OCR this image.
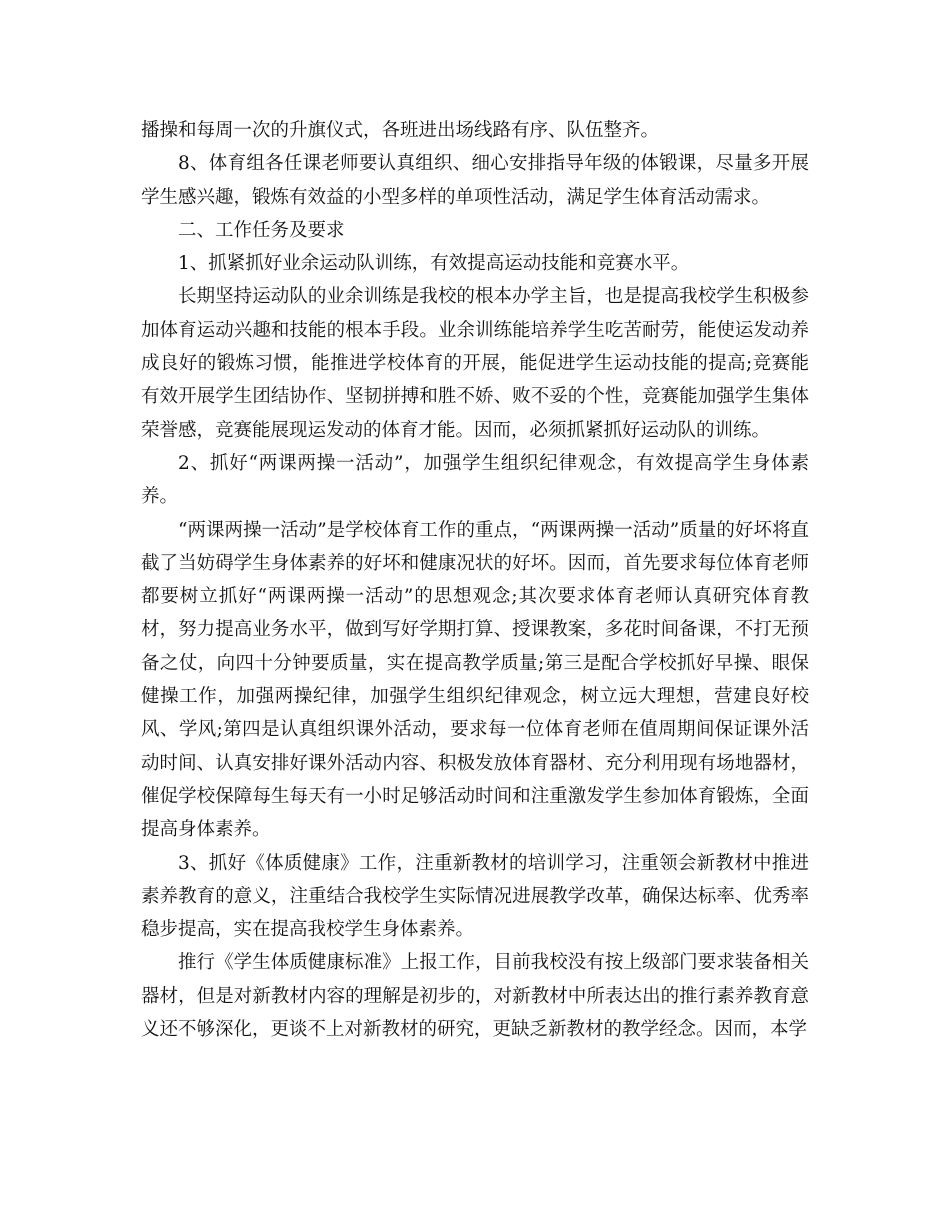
播操和每周一次的升旗仪式，各班进出场线路有序、队伍整齐。

8、体育组各任课老师要认真组织、细心安排指导年级的体锻课，尽量多开展学生感兴趣，锻炼有效益的小型多样的单项性活动，满足学生体育活动需求。

二、工作任务及要求

1、抓紧抓好业余运动队训练，有效提高运动技能和竞赛水平。

长期坚持运动队的业余训练是我校的根本办学主旨，也是提高我校学生积极参加体育运动兴趣和技能的根本手段。业余训练能培养学生吃苦耐劳，能使运发动养成良好的锻炼习惯，能推进学校体育的开展，能促进学生运动技能的提高;竞赛能有效开展学生团结协作、坚韧拼搏和胜不娇、败不妥的个性，竞赛能加强学生集体荣誉感，竞赛能展现运发动的体育才能。因而，必须抓紧抓好运动队的训练。

2、抓好“两课两操一活动”，加强学生组织纪律观念，有效提高学生身体素养。

“两课两操一活动”是学校体育工作的重点，“两课两操一活动”质量的好坏将直截了当妨碍学生身体素养的好坏和健康况状的好坏。因而，首先要求每位体育老师都要树立抓好“两课两操一活动”的思想观念;其次要求体育老师认真研究体育教材，努力提高业务水平，做到写好学期打算、授课教案，多花时间备课，不打无预备之仗，向四十分钟要质量，实在提高教学质量;第三是配合学校抓好早操、眼保健操工作，加强两操纪律，加强学生组织纪律观念，树立远大理想，营建良好校风、学风;第四是认真组织课外活动，要求每一位体育老师在值周期间保证课外活动时间、认真安排好课外活动内容、积极发放体育器材、充分利用现有场地器材，催促学校保障每生每天有一小时足够活动时间和注重激发学生参加体育锻炼，全面提高身体素养。

3、抓好《体质健康》工作，注重新教材的培训学习，注重领会新教材中推进素养教育的意义，注重结合我校学生实际情况进展教学改革，确保达标率、优秀率稳步提高，实在提高我校学生身体素养。

推行《学生体质健康标准》上报工作，目前我校没有按上级部门要求装备相关器材，但是对新教材内容的理解是初步的，对新教材中所表达出的推行素养教育意义还不够深化，更谈不上对新教材的研究，更缺乏新教材的教学经念。因而，本学
